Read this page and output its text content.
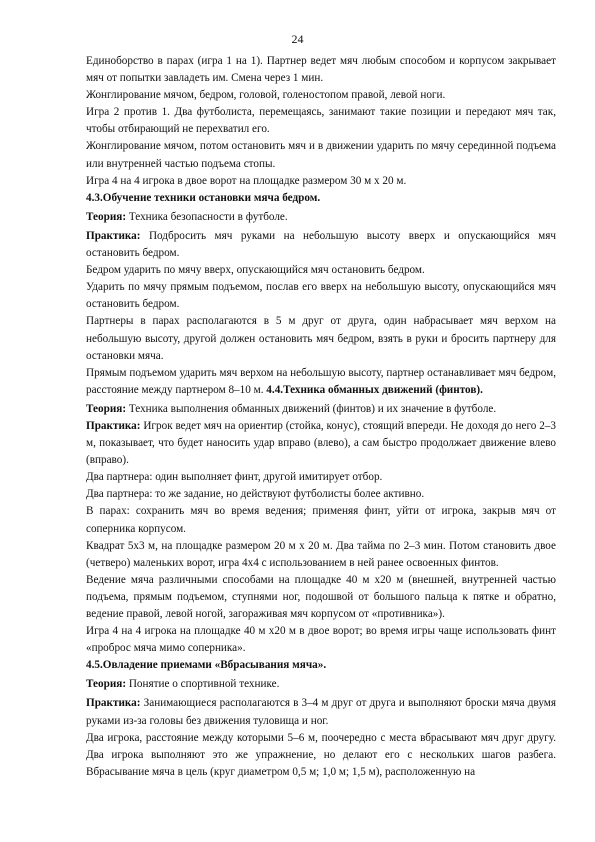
24

Единоборство в парах (игра 1 на 1). Партнер ведет мяч любым способом и корпусом закрывает мяч от попытки завладеть им. Смена через 1 мин.

Жонглирование мячом, бедром, головой, голеностопом правой, левой ноги.

Игра 2 против 1. Два футболиста, перемещаясь, занимают такие позиции и передают мяч так, чтобы отбирающий не перехватил его.

Жонглирование мячом, потом остановить мяч и в движении ударить по мячу серединной подъема или внутренней частью подъема стопы.

Игра 4 на 4 игрока в двое ворот на площадке размером 30 м х 20 м.

4.3.Обучение техники остановки мяча бедром.

Теория: Техника безопасности в футболе.

Практика: Подбросить мяч руками на небольшую высоту вверх и опускающийся мяч остановить бедром.

Бедром ударить по мячу вверх, опускающийся мяч остановить бедром.

Ударить по мячу прямым подъемом, послав его вверх на небольшую высоту, опускающийся мяч остановить бедром.

Партнеры в парах располагаются в 5 м друг от друга, один набрасывает мяч верхом на небольшую высоту, другой должен остановить мяч бедром, взять в руки и бросить партнеру для остановки мяча.

Прямым подъемом ударить мяч верхом на небольшую высоту, партнер останавливает мяч бедром, расстояние между партнером 8–10 м. 4.4.Техника обманных движений (финтов).

Теория: Техника выполнения обманных движений (финтов) и их значение в футболе.

Практика: Игрок ведет мяч на ориентир (стойка, конус), стоящий впереди. Не доходя до него 2–3 м, показывает, что будет наносить удар вправо (влево), а сам быстро продолжает движение влево (вправо).

Два партнера: один выполняет финт, другой имитирует отбор.

Два партнера: то же задание, но действуют футболисты более активно.

В парах: сохранить мяч во время ведения; применяя финт, уйти от игрока, закрыв мяч от соперника корпусом.

Квадрат 5х3 м, на площадке размером 20 м х 20 м. Два тайма по 2–3 мин. Потом становить двое (четверо) маленьких ворот, игра 4х4 с использованием в ней ранее освоенных финтов.

Ведение мяча различными способами на площадке 40 м х20 м (внешней, внутренней частью подъема, прямым подъемом, ступнями ног, подошвой от большого пальца к пятке и обратно, ведение правой, левой ногой, загораживая мяч корпусом от «противника»).

Игра 4 на 4 игрока на площадке 40 м х20 м в двое ворот; во время игры чаще использовать финт «проброс мяча мимо соперника».

4.5.Овладение приемами «Вбрасывания мяча».

Теория: Понятие о спортивной технике.

Практика: Занимающиеся располагаются в 3–4 м друг от друга и выполняют броски мяча двумя руками из-за головы без движения туловища и ног.

Два игрока, расстояние между которыми 5–6 м, поочередно с места вбрасывают мяч друг другу. Два игрока выполняют это же упражнение, но делают его с нескольких шагов разбега. Вбрасывание мяча в цель (круг диаметром 0,5 м; 1,0 м; 1,5 м), расположенную на
